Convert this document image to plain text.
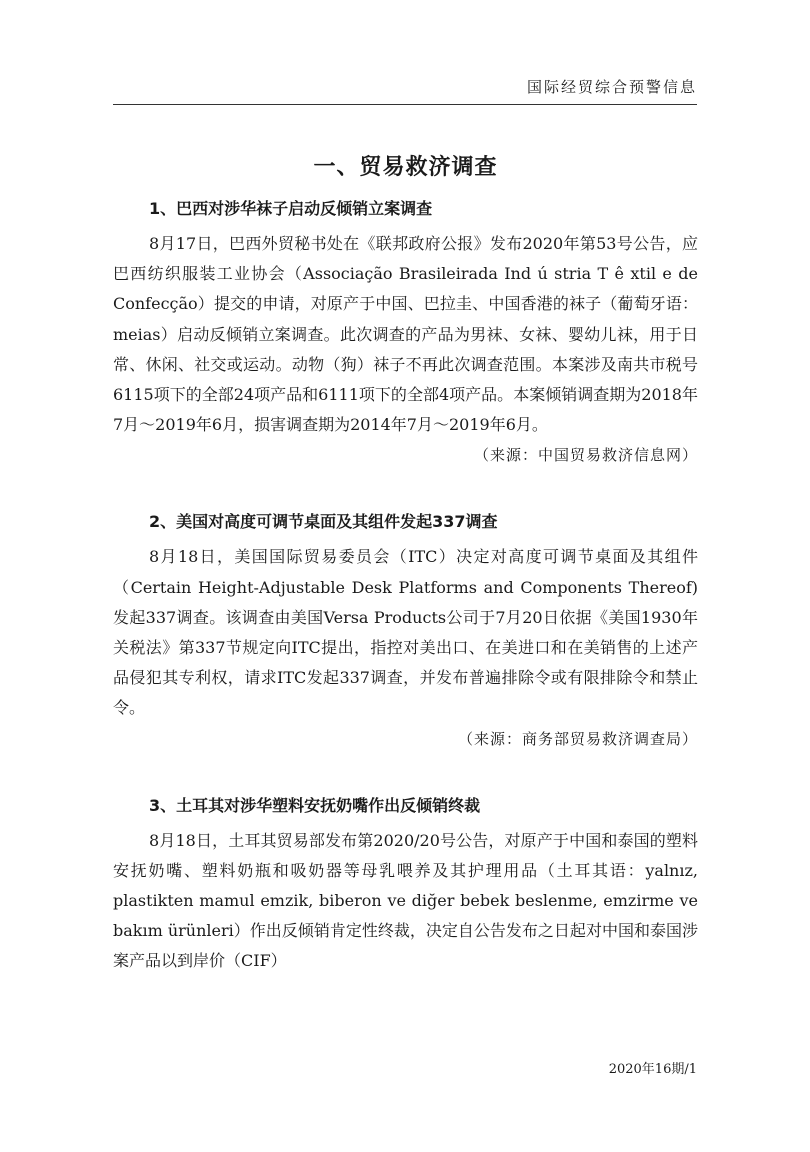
国际经贸综合预警信息
一、贸易救济调查
1、巴西对涉华袜子启动反倾销立案调查

8月17日，巴西外贸秘书处在《联邦政府公报》发布2020年第53号公告，应巴西纺织服装工业协会（Associação Brasileirada Ind ú stria T ê xtil e de Confecção）提交的申请，对原产于中国、巴拉圭、中国香港的袜子（葡萄牙语：meias）启动反倾销立案调查。此次调查的产品为男袜、女袜、婴幼儿袜，用于日常、休闲、社交或运动。动物（狗）袜子不再此次调查范围。本案涉及南共市税号6115项下的全部24项产品和6111项下的全部4项产品。本案倾销调查期为2018年7月～2019年6月，损害调查期为2014年7月～2019年6月。

（来源：中国贸易救济信息网）

2、美国对高度可调节桌面及其组件发起337调查

8月18日，美国国际贸易委员会（ITC）决定对高度可调节桌面及其组件（Certain Height-Adjustable Desk Platforms and Components Thereof)发起337调查。该调查由美国Versa Products公司于7月20日依据《美国1930年关税法》第337节规定向ITC提出，指控对美出口、在美进口和在美销售的上述产品侵犯其专利权，请求ITC发起337调查，并发布普遍排除令或有限排除令和禁止令。

（来源：商务部贸易救济调查局）

3、土耳其对涉华塑料安抚奶嘴作出反倾销终裁

8月18日，土耳其贸易部发布第2020/20号公告，对原产于中国和泰国的塑料安抚奶嘴、塑料奶瓶和吸奶器等母乳喂养及其护理用品（土耳其语：yalnız, plastikten mamul emzik, biberon ve diğer bebek beslenme, emzirme ve bakım ürünleri）作出反倾销肯定性终裁，决定自公告发布之日起对中国和泰国涉案产品以到岸价（CIF）

2020年16期/1
